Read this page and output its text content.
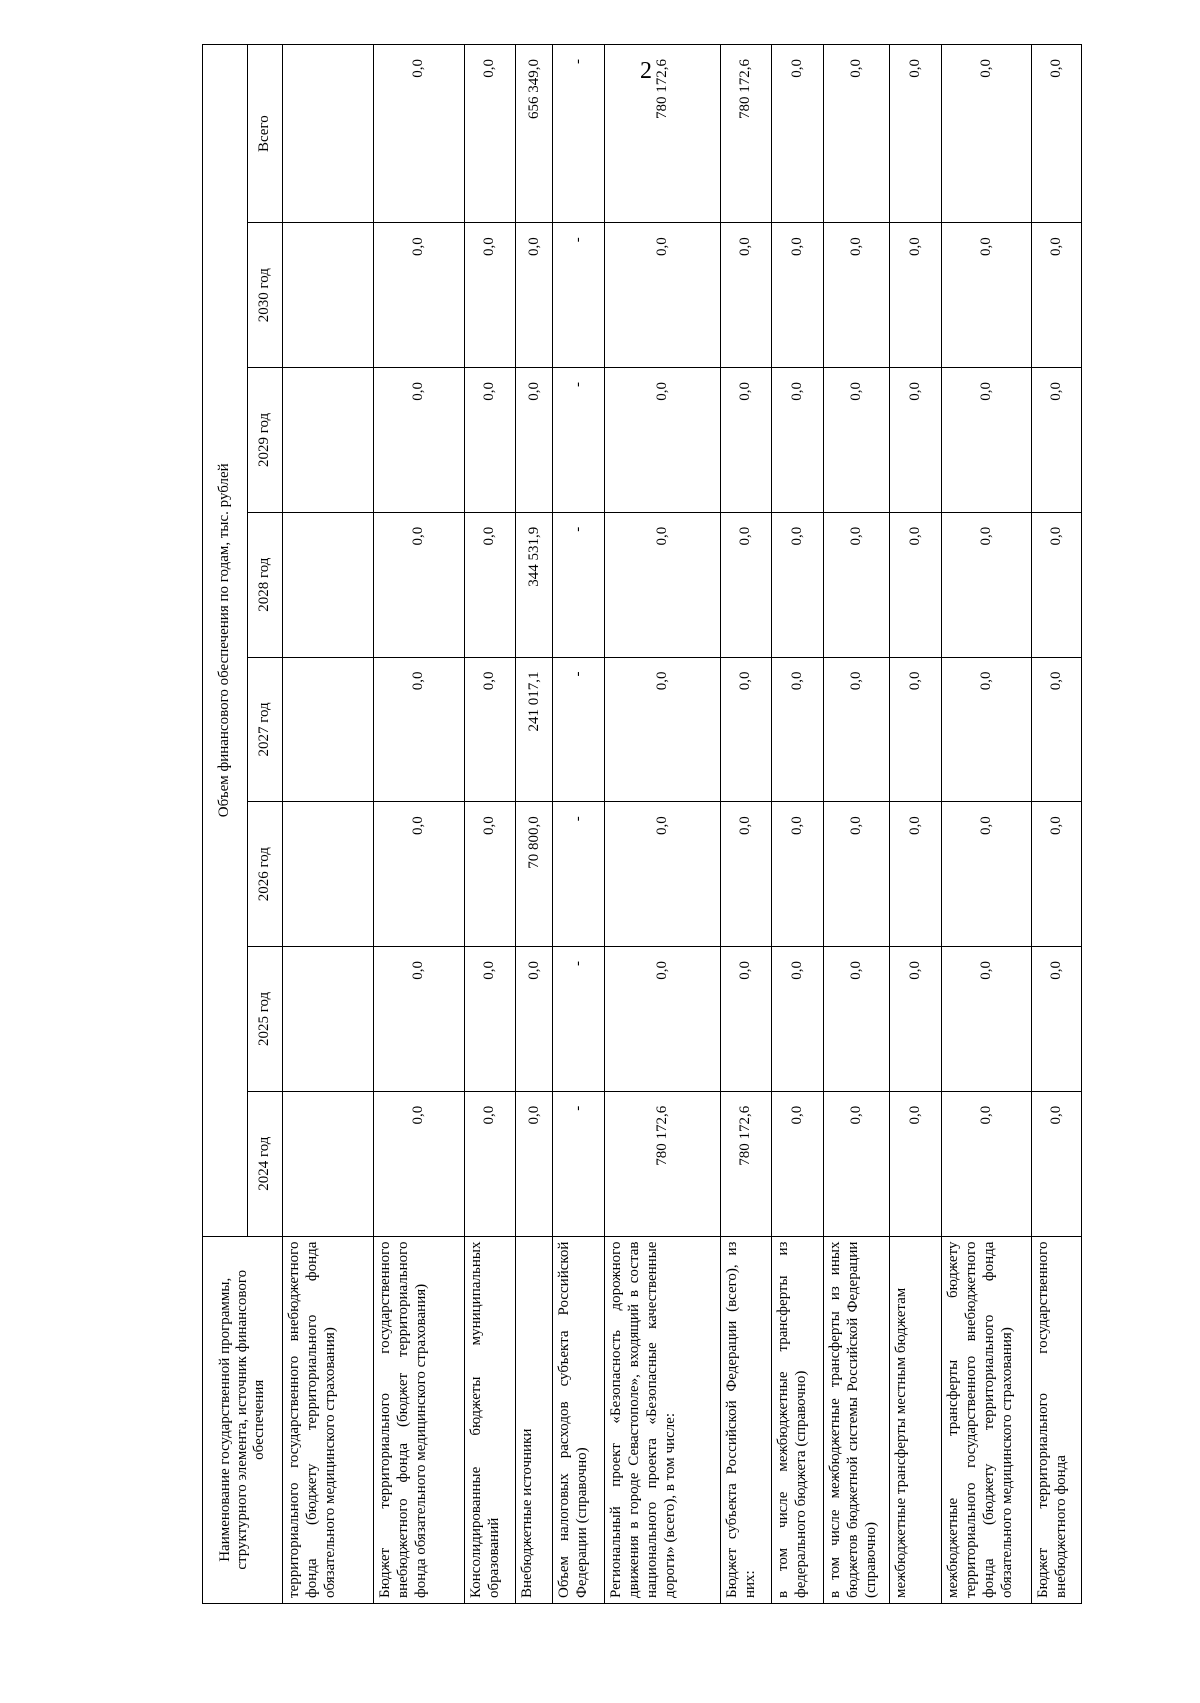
2
Наименование государственной программы, структурного элемента, источник финансового обеспечения	Объем финансового обеспечения по годам, тыс. рублей							
	2024 год	2025 год	2026 год	2027 год	2028 год	2029 год	2030 год	Всего
территориального государственного внебюджетного фонда (бюджету территориального фонда обязательного медицинского страхования)								
Бюджет территориального государственного внебюджетного фонда (бюджет территориального фонда обязательного медицинского страхования)	0,0	0,0	0,0	0,0	0,0	0,0	0,0	0,0
Консолидированные бюджеты муниципальных образований	0,0	0,0	0,0	0,0	0,0	0,0	0,0	0,0
Внебюджетные источники	0,0	0,0	70 800,0	241 017,1	344 531,9	0,0	0,0	656 349,0
Объем налоговых расходов субъекта Российской Федерации (справочно)	-	-	-	-	-	-	-	-
Региональный проект «Безопасность дорожного движения в городе Севастополе», входящий в состав национального проекта «Безопасные качественные дороги» (всего), в том числе:	780 172,6	0,0	0,0	0,0	0,0	0,0	0,0	780 172,6
Бюджет субъекта Российской Федерации (всего), из них:	780 172,6	0,0	0,0	0,0	0,0	0,0	0,0	780 172,6
в том числе межбюджетные трансферты из федерального бюджета (справочно)	0,0	0,0	0,0	0,0	0,0	0,0	0,0	0,0
в том числе межбюджетные трансферты из иных бюджетов бюджетной системы Российской Федерации (справочно)	0,0	0,0	0,0	0,0	0,0	0,0	0,0	0,0
межбюджетные трансферты местным бюджетам	0,0	0,0	0,0	0,0	0,0	0,0	0,0	0,0
межбюджетные трансферты бюджету территориального государственного внебюджетного фонда (бюджету территориального фонда обязательного медицинского страхования)	0,0	0,0	0,0	0,0	0,0	0,0	0,0	0,0
Бюджет территориального государственного внебюджетного фонда	0,0	0,0	0,0	0,0	0,0	0,0	0,0	0,0
